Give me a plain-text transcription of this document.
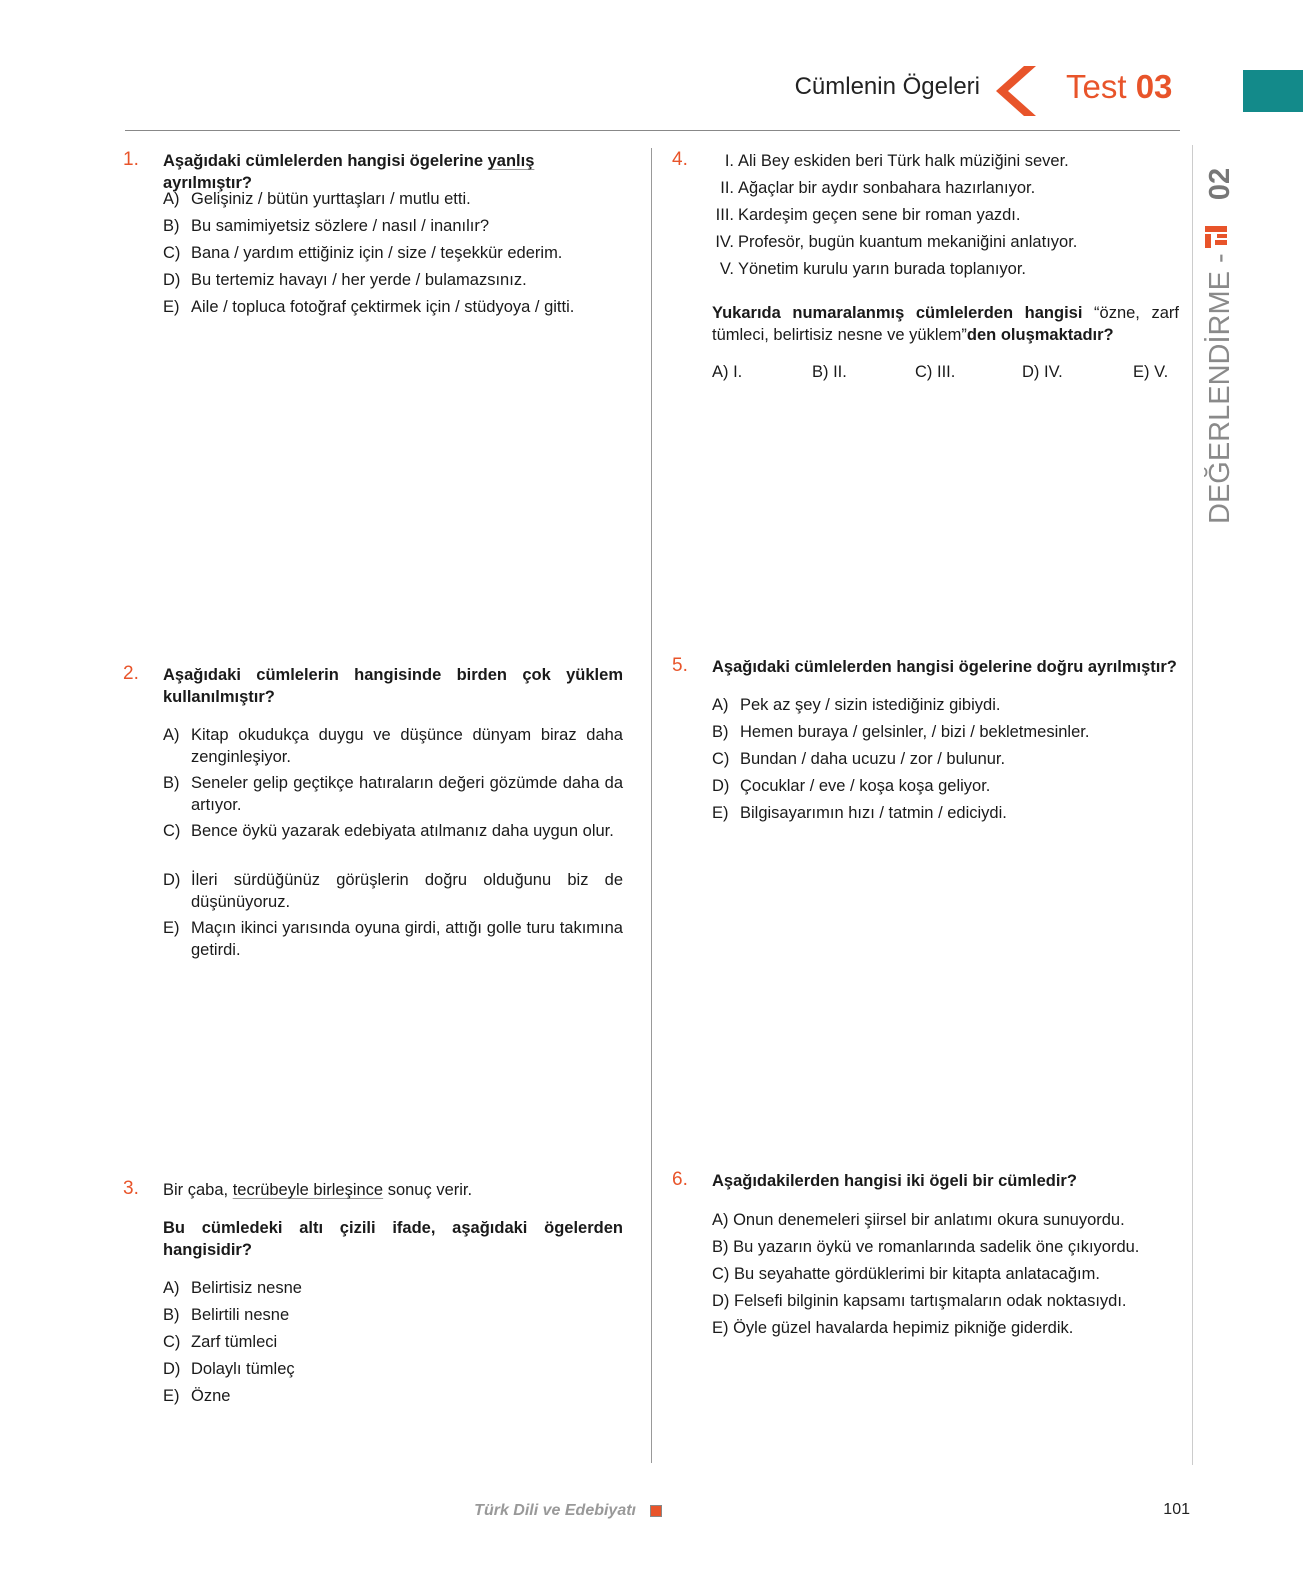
Cümlenin Ögeleri	Test 03
DEĞERLENDİRME -
02
1. Aşağıdaki cümlelerden hangisi ögelerine yanlış ayrılmıştır?
A) Gelişiniz / bütün yurttaşları / mutlu etti.
B) Bu samimiyetsiz sözlere / nasıl / inanılır?
C) Bana / yardım ettiğiniz için / size / teşekkür ederim.
D) Bu tertemiz havayı / her yerde / bulamazsınız.
E) Aile / topluca fotoğraf çektirmek için / stüdyoya / gitti.
2. Aşağıdaki cümlelerin hangisinde birden çok yüklem kullanılmıştır?
A) Kitap okudukça duygu ve düşünce dünyam biraz daha zenginleşiyor.
B) Seneler gelip geçtikçe hatıraların değeri gözümde daha da artıyor.
C) Bence öykü yazarak edebiyata atılmanız daha uygun olur.
D) İleri sürdüğünüz görüşlerin doğru olduğunu biz de düşünüyoruz.
E) Maçın ikinci yarısında oyuna girdi, attığı golle turu takımına getirdi.
3. Bir çaba, tecrübeyle birleşince sonuç verir.
Bu cümledeki altı çizili ifade, aşağıdaki ögelerden hangisidir?
A) Belirtisiz nesne
B) Belirtili nesne
C) Zarf tümleci
D) Dolaylı tümleç
E) Özne
4.	I. Ali Bey eskiden beri Türk halk müziğini sever.
II. Ağaçlar bir aydır sonbahara hazırlanıyor.
III. Kardeşim geçen sene bir roman yazdı.
IV. Profesör, bugün kuantum mekaniğini anlatıyor.
V. Yönetim kurulu yarın burada toplanıyor.
Yukarıda numaralanmış cümlelerden hangisi “özne, zarf tümleci, belirtisiz nesne ve yüklem”den oluşmaktadır?
A) I.	B) II.	C) III.	D) IV.	E) V.
5. Aşağıdaki cümlelerden hangisi ögelerine doğru ayrılmıştır?
A) Pek az şey / sizin istediğiniz gibiydi.
B) Hemen buraya / gelsinler, / bizi / bekletmesinler.
C) Bundan / daha ucuzu / zor / bulunur.
D) Çocuklar / eve / koşa koşa geliyor.
E) Bilgisayarımın hızı / tatmin / ediciydi.
6. Aşağıdakilerden hangisi iki ögeli bir cümledir?
A) Onun denemeleri şiirsel bir anlatımı okura sunuyordu.
B) Bu yazarın öykü ve romanlarında sadelik öne çıkıyordu.
C) Bu seyahatte gördüklerimi bir kitapta anlatacağım.
D) Felsefi bilginin kapsamı tartışmaların odak noktasıydı.
E) Öyle güzel havalarda hepimiz pikniğe giderdik.
Türk Dili ve Edebiyatı	101
